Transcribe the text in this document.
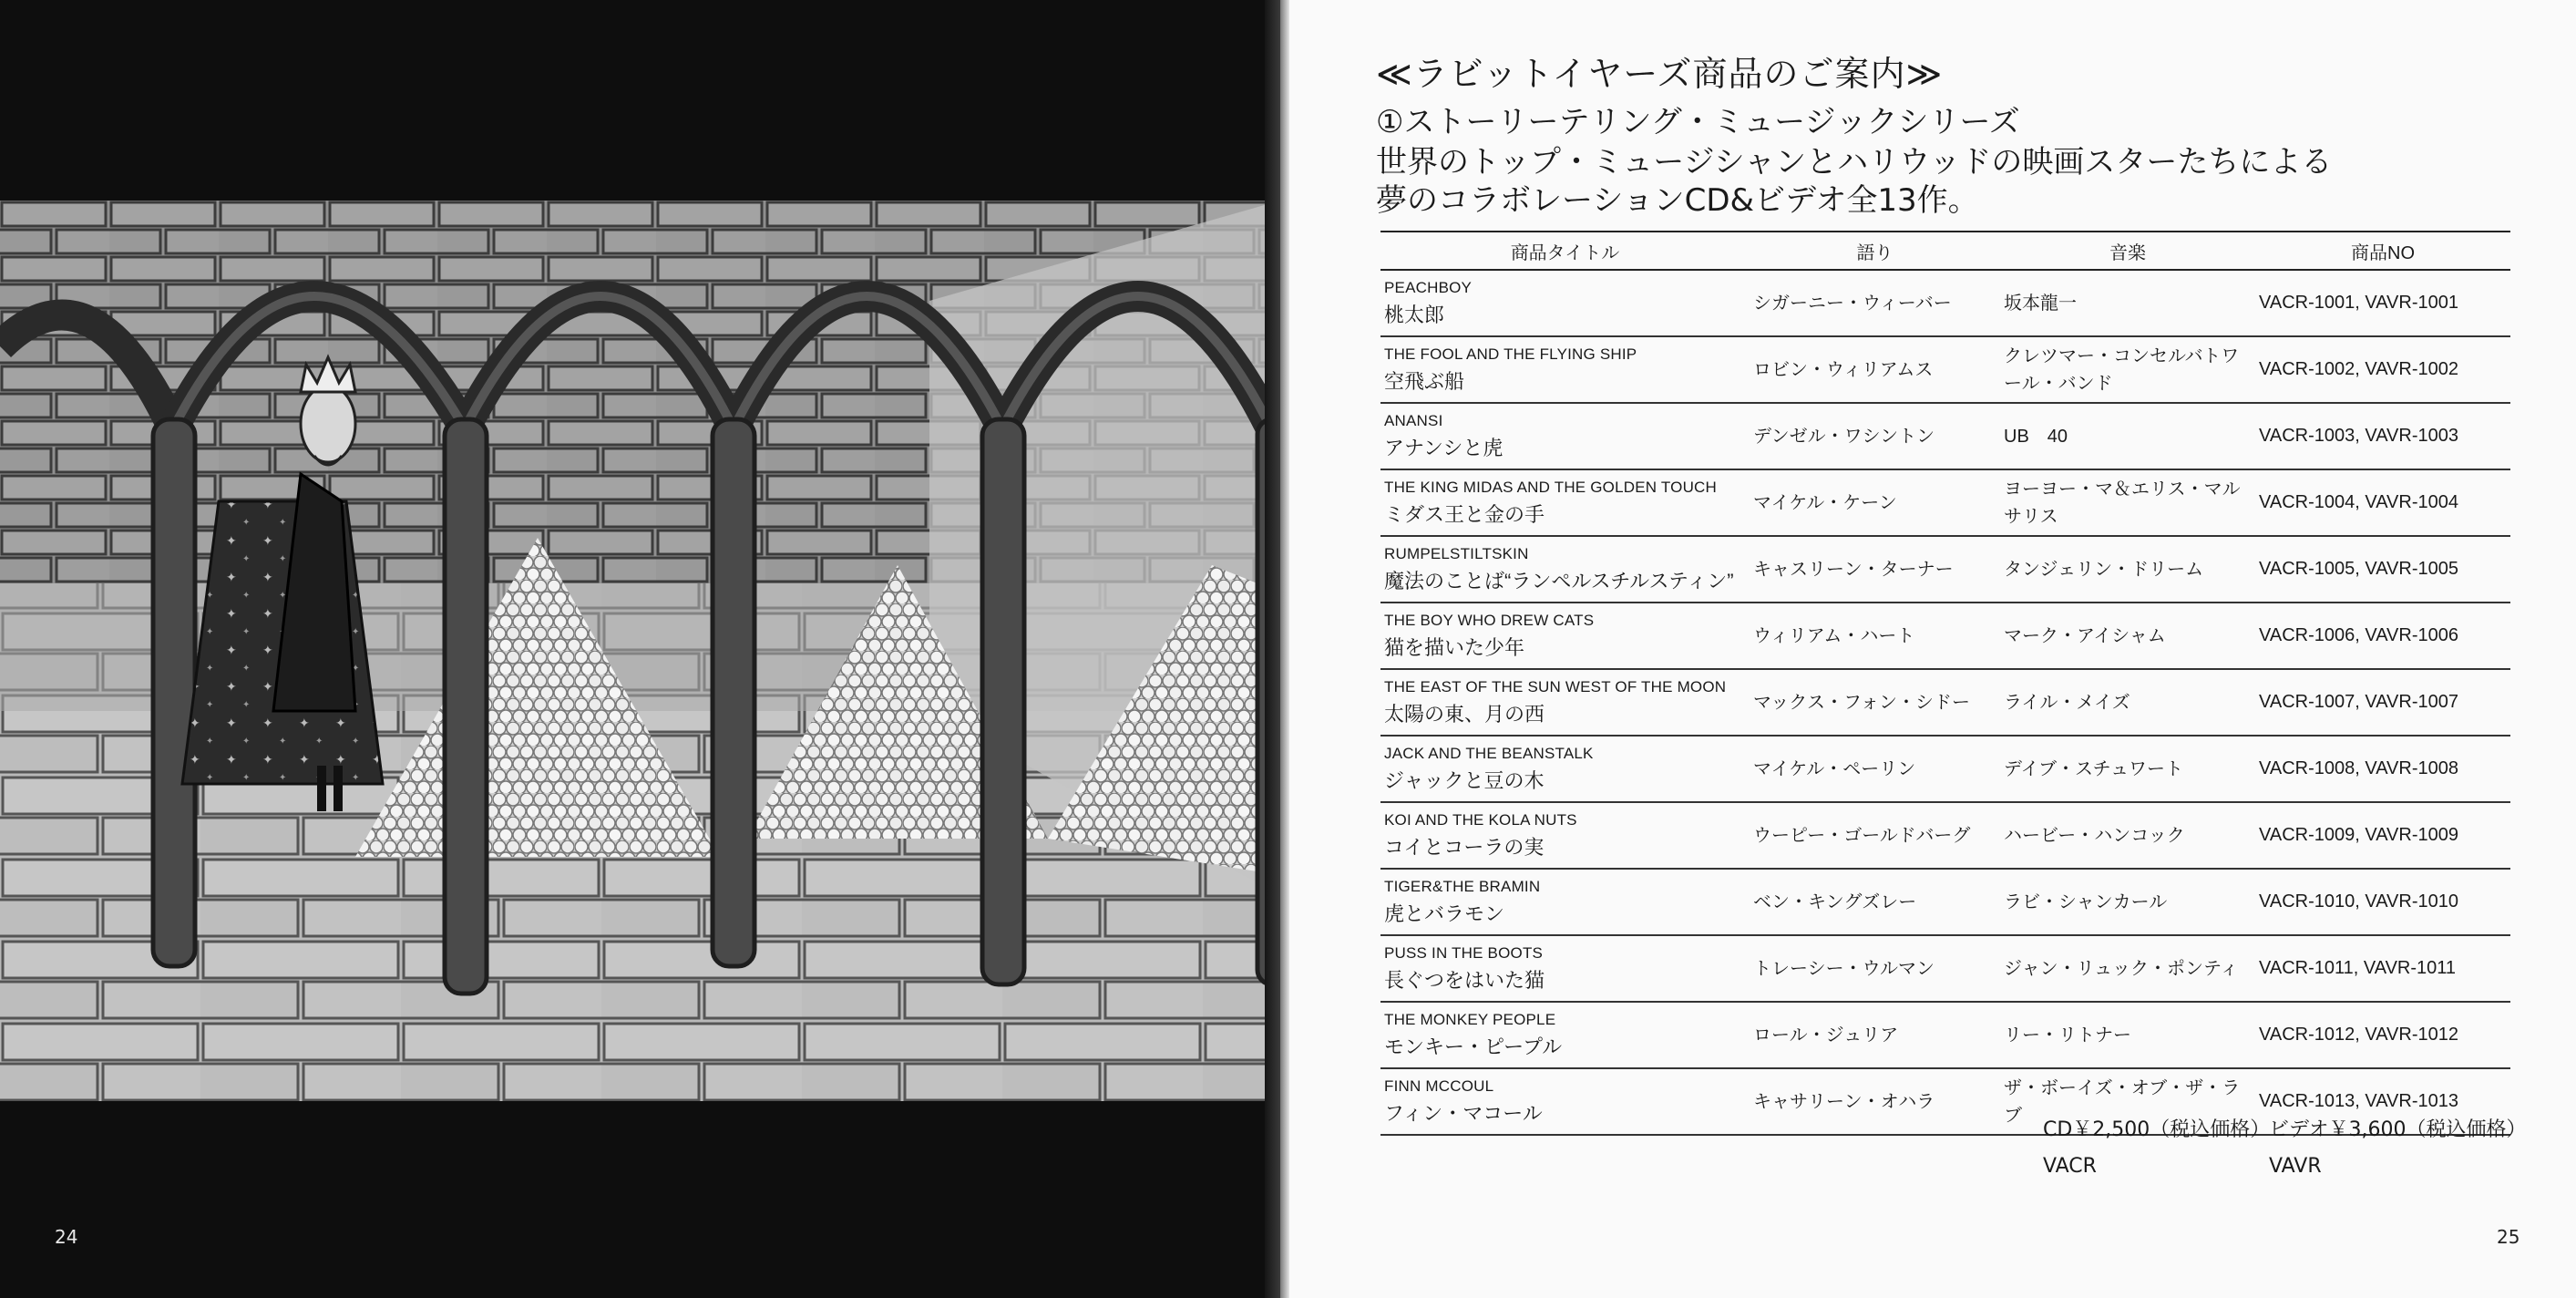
24
≪ラビットイヤーズ商品のご案内≫
①ストーリーテリング・ミュージックシリーズ
世界のトップ・ミュージシャンとハリウッドの映画スターたちによる
夢のコラボレーションCD&ビデオ全13作。
商品タイトル	語り	音楽	商品NO

PEACHBOY
桃太郎	シガーニー・ウィーバー	坂本龍一	VACR-1001, VAVR-1001

THE FOOL AND THE FLYING SHIP
空飛ぶ船	ロビン・ウィリアムス	クレツマー・コンセルバトワール・バンド	VACR-1002, VAVR-1002

ANANSI
アナンシと虎	デンゼル・ワシントン	UB　40	VACR-1003, VAVR-1003

THE KING MIDAS AND THE GOLDEN TOUCH
ミダス王と金の手	マイケル・ケーン	ヨーヨー・マ＆エリス・マルサリス	VACR-1004, VAVR-1004

RUMPELSTILTSKIN
魔法のことば“ランペルスチルスティン”	キャスリーン・ターナー	タンジェリン・ドリーム	VACR-1005, VAVR-1005

THE BOY WHO DREW CATS
猫を描いた少年	ウィリアム・ハート	マーク・アイシャム	VACR-1006, VAVR-1006

THE EAST OF THE SUN WEST OF THE MOON
太陽の東、月の西	マックス・フォン・シドー	ライル・メイズ	VACR-1007, VAVR-1007

JACK AND THE BEANSTALK
ジャックと豆の木	マイケル・ペーリン	デイブ・スチュワート	VACR-1008, VAVR-1008

KOI AND THE KOLA NUTS
コイとコーラの実	ウーピー・ゴールドバーグ	ハービー・ハンコック	VACR-1009, VAVR-1009

TIGER&THE BRAMIN
虎とバラモン	ベン・キングズレー	ラビ・シャンカール	VACR-1010, VAVR-1010

PUSS IN THE BOOTS
長ぐつをはいた猫	トレーシー・ウルマン	ジャン・リュック・ポンティ	VACR-1011, VAVR-1011

THE MONKEY PEOPLE
モンキー・ピープル	ロール・ジュリア	リー・リトナー	VACR-1012, VAVR-1012

FINN MCCOUL
フィン・マコール	キャサリーン・オハラ	ザ・ボーイズ・オブ・ザ・ラブ	VACR-1013, VAVR-1013
CD￥2,500（税込価格）
VACR
ビデオ￥3,600（税込価格）
VAVR
25
